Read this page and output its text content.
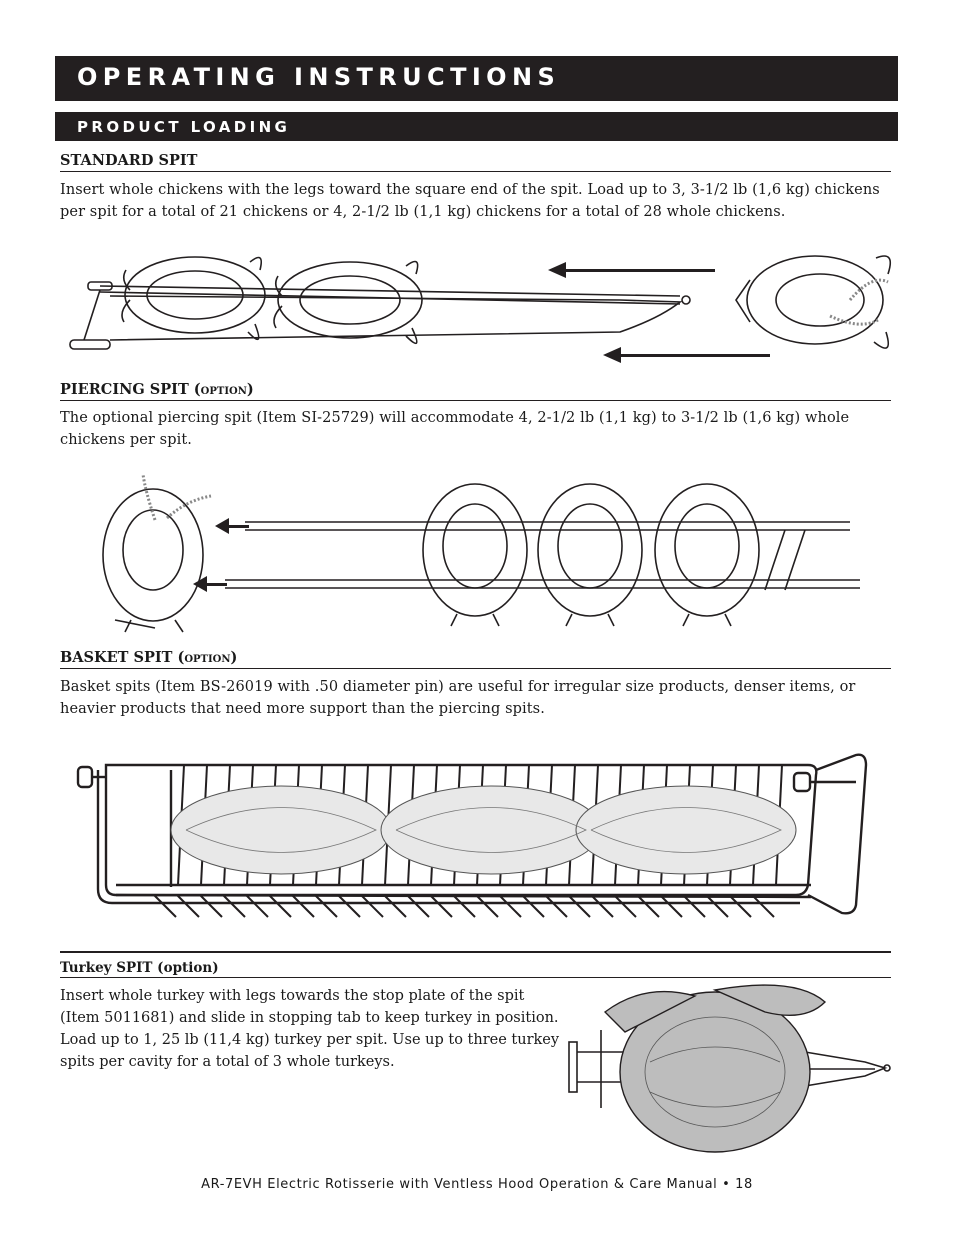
OPERATING INSTRUCTIONS
PRODUCT LOADING
STANDARD SPIT
Insert whole chickens with the legs toward the square end of the spit. Load up to 3, 3-1/2 lb (1,6 kg) chickens per spit for a total of 21 chickens or 4, 2-1/2 lb (1,1 kg) chickens for a total of 28 whole chickens.
PIERCING SPIT (OPTION)
The optional piercing spit (Item SI-25729) will accommodate 4, 2-1/2 lb (1,1 kg) to 3-1/2 lb (1,6 kg) whole chickens per spit.
BASKET SPIT (OPTION)
Basket spits (Item BS-26019 with .50 diameter pin) are useful for irregular size products, denser items, or heavier products that need more support than the piercing spits.
Turkey SPIT (option)
Insert whole turkey with legs towards the stop plate of the spit (Item 5011681) and slide in stopping tab to keep turkey in position. Load up to 1, 25 lb (11,4 kg) turkey per spit. Use up to three turkey spits per cavity for a total of 3 whole turkeys.
AR-7EVH Electric Rotisserie with Ventless Hood Operation & Care Manual • 18
